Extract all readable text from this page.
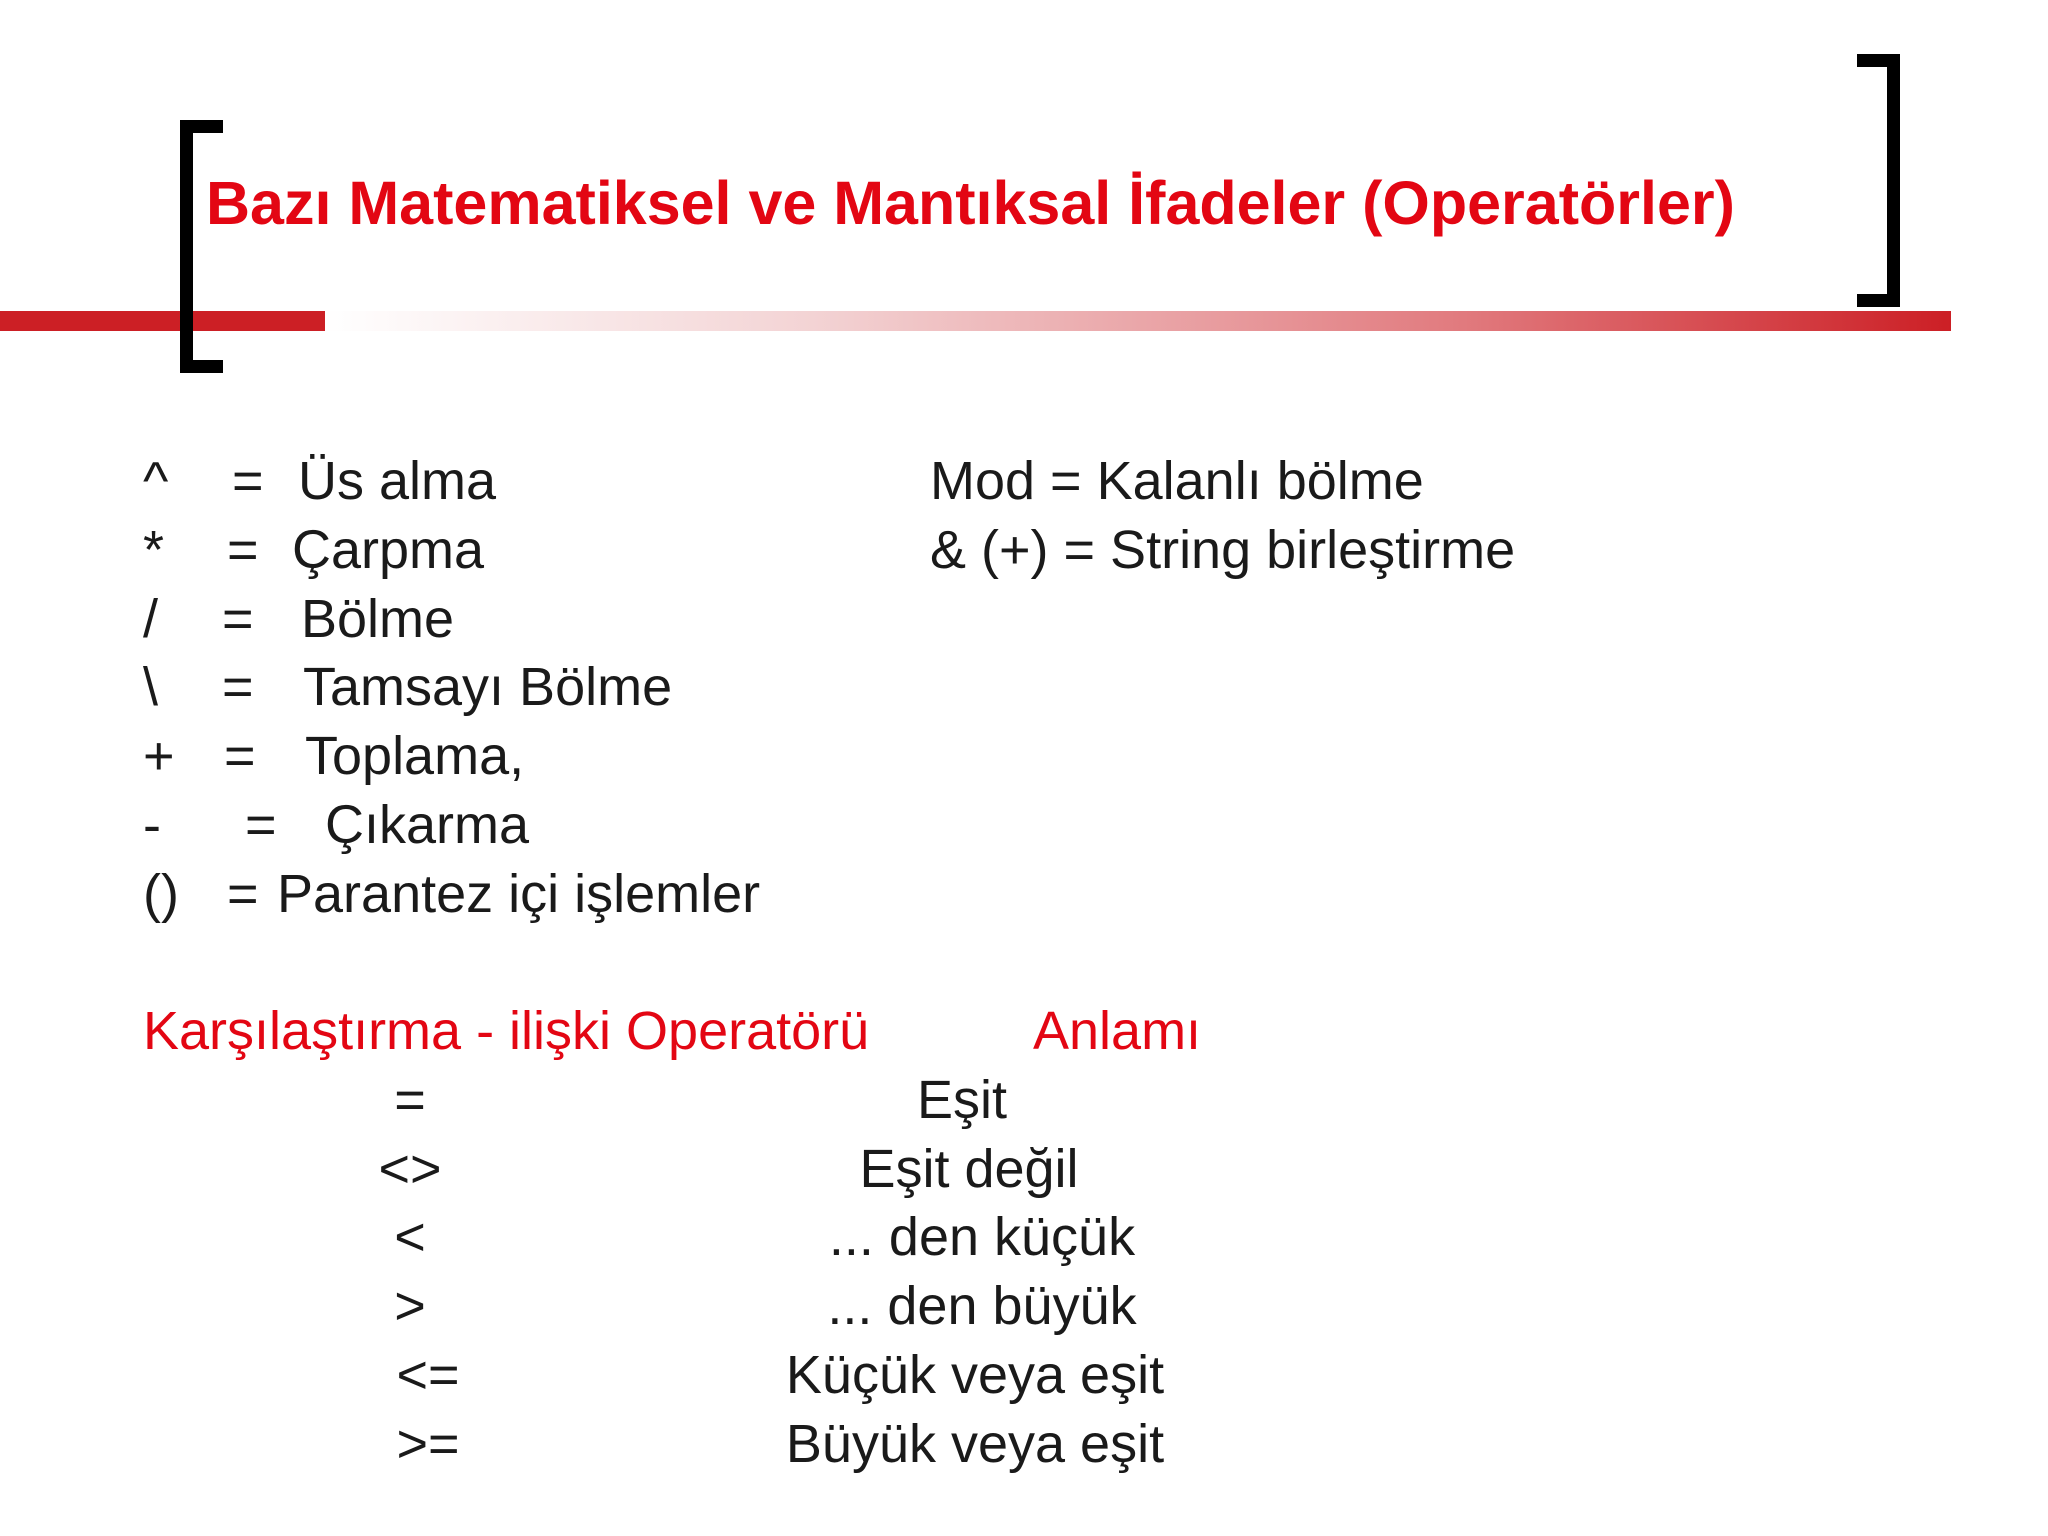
Bazı Matematiksel ve Mantıksal İfadeler (Operatörler)
^ = Üs alma
* = Çarpma
/ = Bölme
\ = Tamsayı Bölme
+ = Toplama,
- = Çıkarma
() = Parantez içi işlemler
Mod = Kalanlı bölme
& (+) = String birleştirme
Karşılaştırma - ilişki Operatörü	Anlamı
=	Eşit
<>	Eşit değil
<	... den küçük
>	... den büyük
<=	Küçük veya eşit
>=	Büyük veya eşit
